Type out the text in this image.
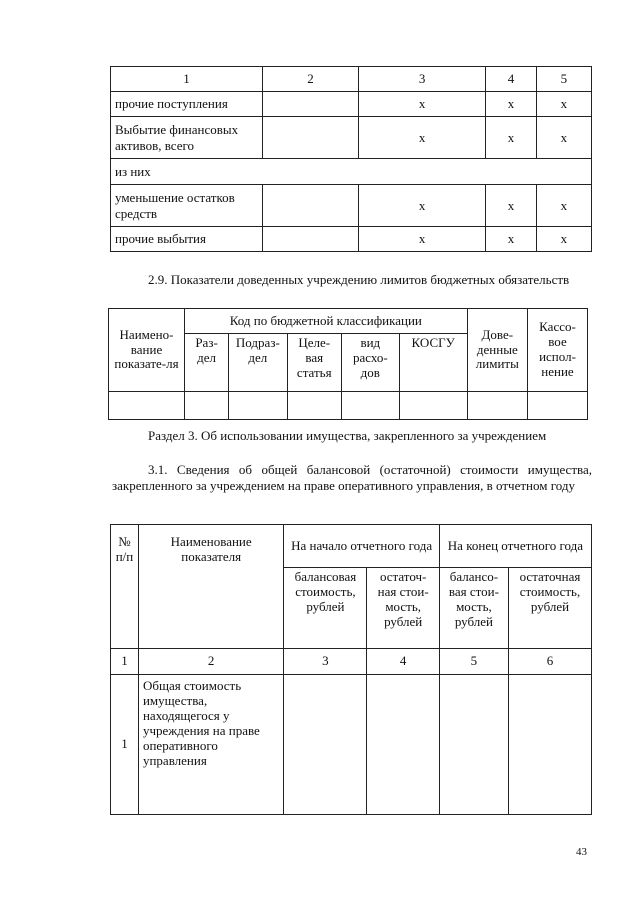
1	2	3	4	5
прочие поступления		x	x	x
Выбытие финансовых активов, всего		x	x	x
из них				
уменьшение остатков средств		x	x	x
прочие выбытия		x	x	x
2.9. Показатели доведенных учреждению лимитов бюджетных обязательств
Наимено-вание показате-ля	Код по бюджетной классификации					Дове-денные лимиты	Кассо-вое испол-нение
	Раз-дел	Подраз-дел	Целе-вая статья	вид расхо-дов	КОСГУ		

Раздел 3. Об использовании имущества, закрепленного за учреждением
3.1. Сведения об общей балансовой (остаточной) стоимости имущества, закрепленного за учреждением на праве оперативного управления, в отчетном году
№ п/п	Наименование показателя	На начало отчетного года		На конец отчетного года	
		балансовая стоимость, рублей	остаточ-ная стои-мость, рублей	балансо-вая стои-мость, рублей	остаточная стоимость, рублей
1	2	3	4	5	6
1	Общая стоимость имущества, находящегося у учреждения на праве оперативного управления				
43
